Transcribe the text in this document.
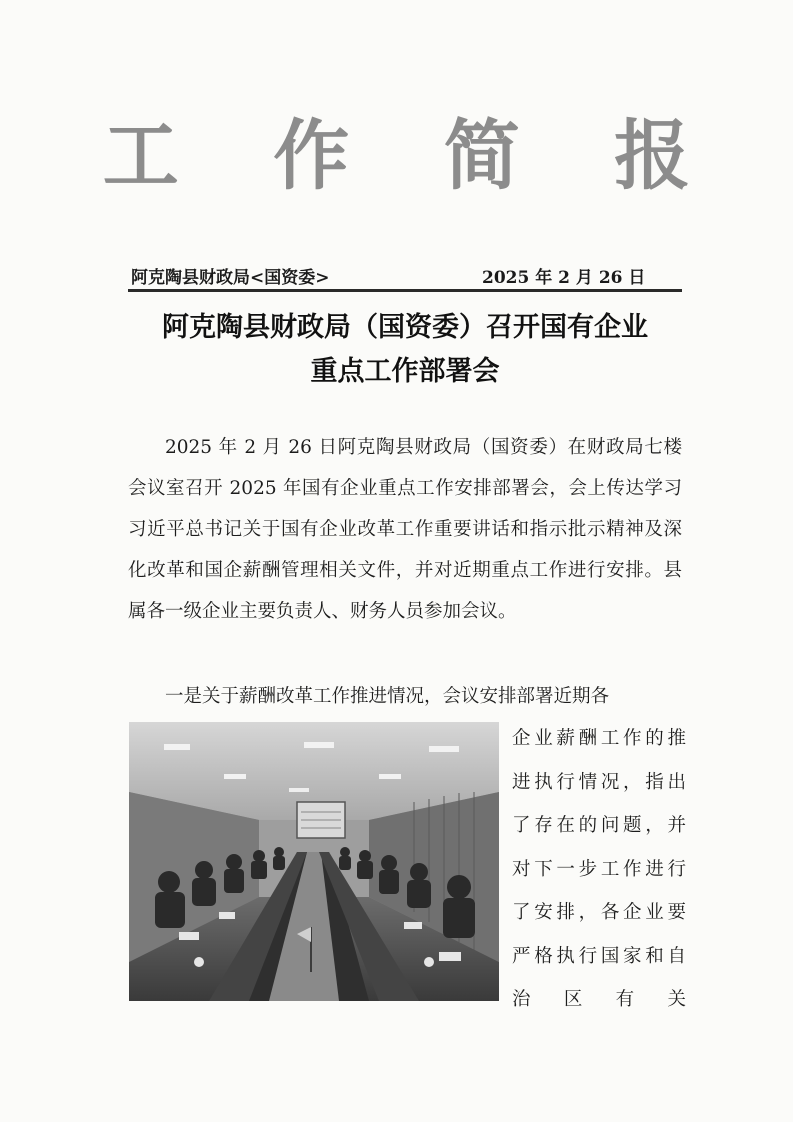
工 作 简 报
阿克陶县财政局<国资委>	2025 年 2 月 26 日
阿克陶县财政局（国资委）召开国有企业
重点工作部署会

2025 年 2 月 26 日阿克陶县财政局（国资委）在财政局七楼会议室召开 2025 年国有企业重点工作安排部署会，会上传达学习习近平总书记关于国有企业改革工作重要讲话和指示批示精神及深化改革和国企薪酬管理相关文件，并对近期重点工作进行安排。县属各一级企业主要负责人、财务人员参加会议。

一是关于薪酬改革工作推进情况，会议安排部署近期各

企业薪酬工作的推进执行情况，指出了存在的问题，并对下一步工作进行了安排，各企业要严格执行国家和自治区有关
